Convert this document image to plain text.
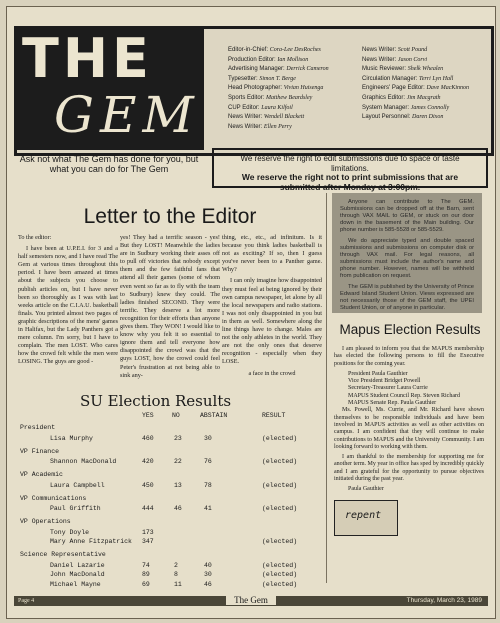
THE
GEM
Editor-in-Chief: Cora-Lee DesRoches
Production Editor: Ian Mollison
Advertising Manager: Derrick Cameron
Typesetter: Simon T. Berge
Head Photographer: Vivian Huisenga
Sports Editor: Matthew Beardsley
CUP Editor: Laura Kilfoil
News Writer: Wendell Blackett
News Writer: Ellen Perry
News Writer: Scott Pound
News Writer: Jason Corvi
Music Reviewer: Shelk Whealen
Circulation Manager: Terri Lyn Hall
Engineers' Page Editor: Dave MacKinnon
Graphics Editor: Jim Macgrath
System Manager: James Connolly
Layout Personnel: Daren Dixon
Ask not what The Gem has done for you, but what you can do for The Gem
We reserve the right to edit submissions due to space or taste limitations.
We reserve the right not to print submissions that are submitted after Monday at 3:00pm.
Letter to the Editor

To the editor:

I have been at U.P.E.I. for 3 and a half semesters now, and I have read The Gem at various times throughout this period. I have been amazed at times about the subjects you choose to publish articles on, but I have never been so thoroughly as I was with last weeks article on the C.I.A.U. basketball finals. You printed almost two pages of graphic descriptions of the mens' games in Halifax, but the Lady Panthers got a mere column. I'm sorry, but I have to complain. The men LOST. Who cares how the crowd felt while the men were LOSING. The guys are good -

yes! They had a terrific season - yes! But they LOST! Meanwhile the ladies are in Sudbury working their asses off to pull off victories that nobody except them and the few faithful fans that attend all their games (some of whom even went so far as to fly with the team to Sudbury) knew they could. The ladies finished SECOND. They were terrific. They deserve a lot more recognition for their efforts than anyone gives them. They WON! I would like to know why you felt it so essential to ignore them and tell everyone how disappointed the crowd was that the guys LOST, how the crowd could feel Peter's frustration at not being able to sink any-

thing, etc., etc., ad infinitum. Is it because you think ladies basketball is not as exciting? If so, then I guess you've never been to a Panther game. Why?

I can only imagine how disappointed they must feel at being ignored by their own campus newspaper, let alone by all the local newspapers and radio stations. I was not only disappointed in you but in them as well. Somewhere along the line things have to change. Males are not the only athletes in the world. They are not the only ones that deserve recognition - especially when they LOSE.

a face in the crowd

Anyone can contribute to The GEM. Submissions can be dropped off at the Barn, sent through VAX MAIL to GEM, or stuck on our door down in the basement of the Main building. Our phone number is 585-5528 or 585-5529.

We do appreciate typed and double spaced submissions and submissions on computer disk or through VAX mail. For legal reasons, all submissions must include the author's name and phone number. However, names will be withheld from publication on request.

The GEM is published by the University of Prince Edward Island Student Union. Views expressed are not necessarily those of the GEM staff, the UPEI Student Union, or of anyone in particular.

Mapus Election Results

I am pleased to inform you that the MAPUS membership has elected the following persons to fill the Executive positions for the coming year.

President Paula Gauthier

Vice President Bridget Powell

Secretary-Treasurer Laura Currie

MAPUS Student Council Rep. Steven Richard

MAPUS Senate Rep. Paula Gauthier

Ms. Powell, Ms. Currie, and Mr. Richard have shown themselves to be responsible individuals and have been involved in MAPUS activities as well as other activities on campus. I am confident that they will continue to make contributions to MAPUS and the University Community. I am looking forward to working with them.

I am thankful to the membership for supporting me for another term. My year in office has sped by incredibly quickly and I am grateful for the opportunity to pursue objectives initiated during the past year.

Paula Gauthier

repent
SU Election Results
YES	NO	ABSTAIN	RESULT
President
Lisa Murphy	460	23	30	(elected)
VP Finance
Shannon MacDonald	420	22	76	(elected)
VP Academic
Laura Campbell	450	13	78	(elected)
VP Communications
Paul Griffith	444	46	41	(elected)
VP Operations
Tony Doyle	173
Mary Anne Fitzpatrick 347	(elected)
Science Representative
Daniel Lazarie	74	2	40	(elected)
John MacDonald	89	8	30	(elected)
Michael Mayne	69	11	46	(elected)
Page 4	The Gem	Thursday, March 23, 1989
